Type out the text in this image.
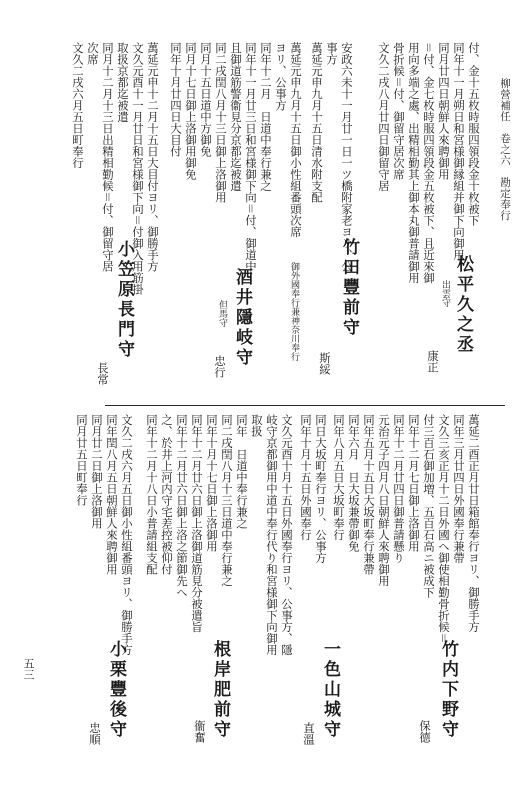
柳營補任　卷之六　勘定奉行
五三
文久二戌八月廿四日御留守居 骨折候＝付、御留守居次席 用向多端之處、出精相勤其上御本丸御普請御用 ＝付、金七枚時服四領段金五枚被下、且近來御 同月廿四日朝鮮人來聘御用 同年十一月朔日和宮様御縁組并御下向御用 付、金十五枚時服四領段金十枚被下
松平久之丞
出雲守
康正
安政六未十一月廿一日一ツ橋附家老ヨリ、公
事方
萬延元申九月十五日清水附支配
竹田豐前守
斯綏
萬延元申九月十五日御小性組番頭次席
御外國奉行兼神奈川奉行
ヨリ、公事方
同年十二月　日道中奉行兼之
同年十一月廿三日和宮様御下向＝付、御道中
且御道筋警衞見分京都迄被遣
同二戌閏八月十三日御上洛御用
同月十五日道中方御免
同月十七日御上洛御用御免
同年十月廿四日大目付
酒井隱岐守
但馬守
忠行
萬延元申十二月十五日大目付ヨリ、御勝手方
文久元酉十一月廿日和宮様御下向＝付御入用筋掛
取扱京都迄被遣
同月十二月十三日出精相勤候＝付、御留守居
次席
文久二戌六月五日町奉行
小笠原長門守
長常
萬延二酉正月廿日箱館奉行ヨリ、御勝手方
同年三月廿四日外國奉行兼帶
文久三亥正月十二日外國へ御使相勤骨折候＝
付三百石御加増、五百石高ニ被成下
同年十二月七日御上洛御用
同年十二月廿四日御普請懸り
元治元子四月八日朝鮮人來聘御用
同年五月十五日大坂町奉行兼帶
同年六月　日大坂兼帶御免
同年八月五日大坂町奉行
竹内下野守
保德
同日大坂町奉行ヨリ、公事方
同年十月十五日外國奉行
一色山城守
直溫
文久元酉十月十五日外國奉行ヨリ、公事方、隱
岐守京都御用中道中奉行代り和宮様御下向御用
取扱
同年　日道中奉行兼之
同二戌閏八月十三日道中奉行兼之
同年十月十七日御上洛御用
同年十二月廿六日御上洛御道筋見分被遣旨
同年十二月廿六日御上洛之節御先へ
之、於井上河内守宅差控被仰付
同年十二月十八日小普請組支配
根岸肥前守
衞奮
文久二戌六月五日御小性組番頭ヨリ、御勝手方
同年閏八月五日朝鮮人來聘御用
同月廿二日御上洛御用
同月廿五日町奉行
小栗豐後守
忠順
